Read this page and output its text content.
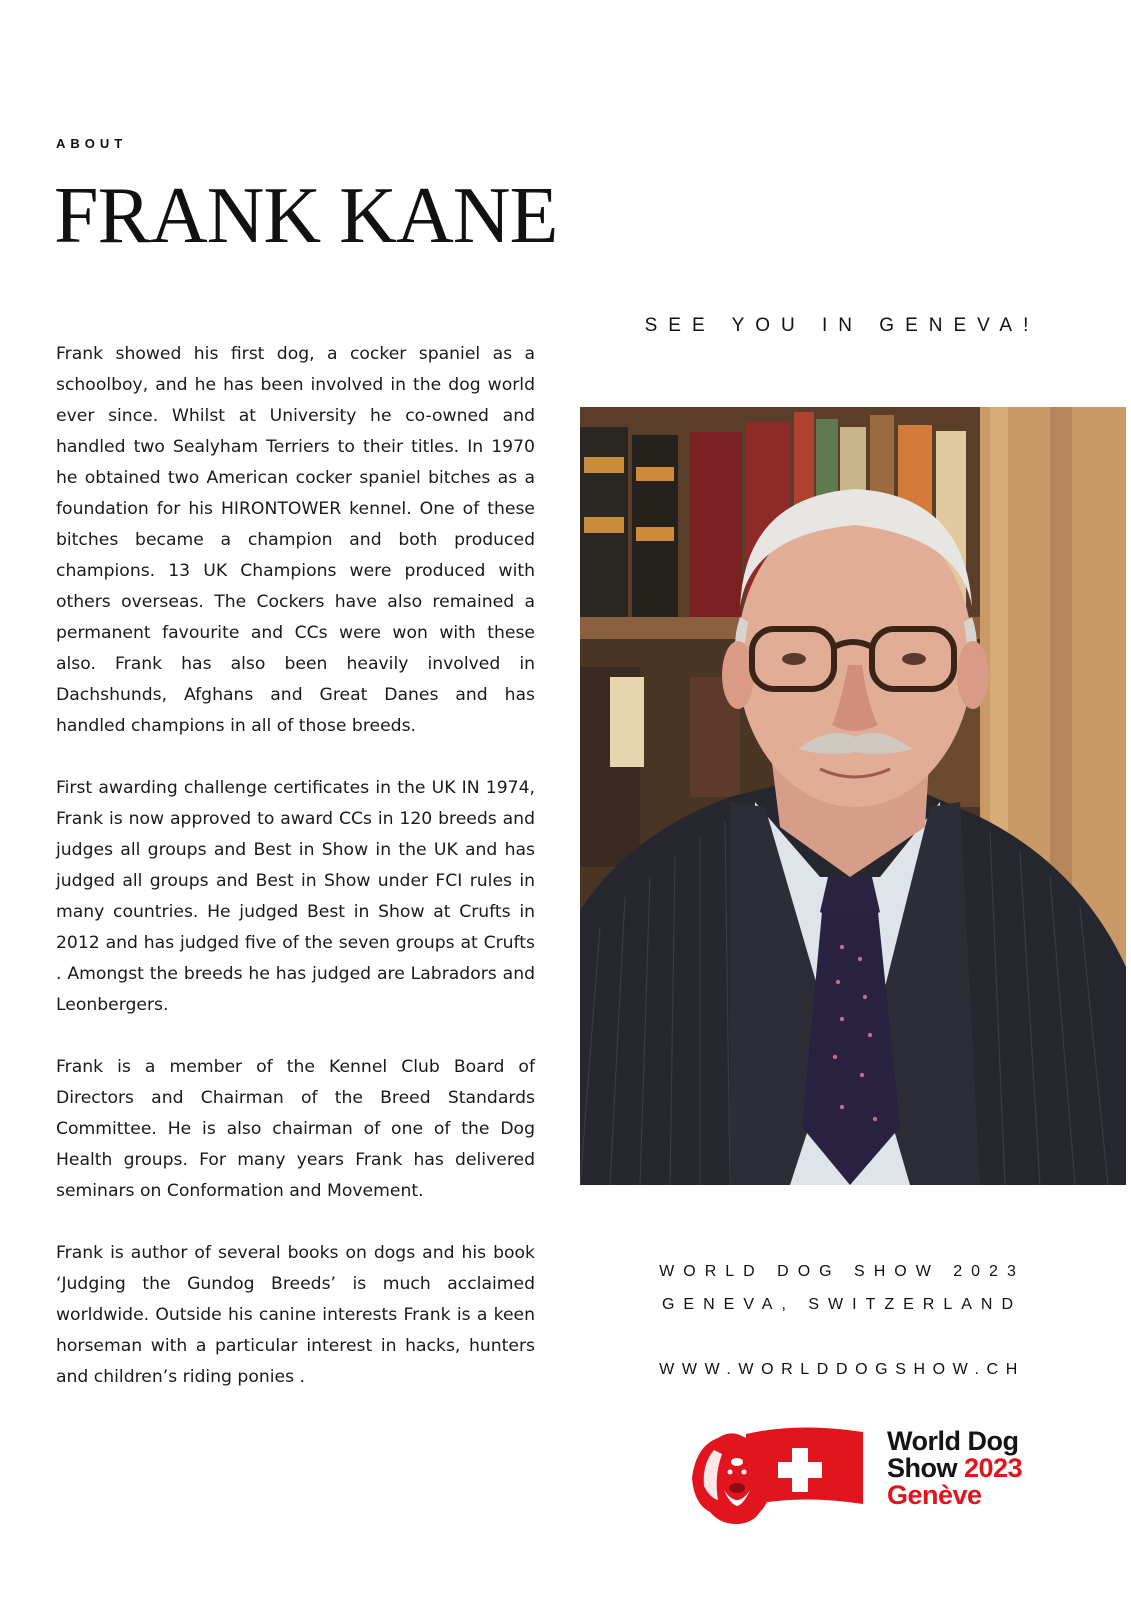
ABOUT
FRANK KANE

Frank showed his first dog, a cocker spaniel as a schoolboy, and he has been involved in the dog world ever since. Whilst at University he co-owned and handled two Sealyham Terriers to their titles. In 1970 he obtained two American cocker spaniel bitches as a foundation for his HIRONTOWER kennel. One of these bitches became a champion and both produced champions. 13 UK Champions were produced with others overseas. The Cockers have also remained a permanent favourite and CCs were won with these also. Frank has also been heavily involved in Dachshunds, Afghans and Great Danes and has handled champions in all of those breeds.

First awarding challenge certificates in the UK IN 1974, Frank is now approved to award CCs in 120 breeds and judges all groups and Best in Show in the UK and has judged all groups and Best in Show under FCI rules in many countries. He judged Best in Show at Crufts in 2012 and has judged five of the seven groups at Crufts . Amongst the breeds he has judged are Labradors and Leonbergers.

Frank is a member of the Kennel Club Board of Directors and Chairman of the Breed Standards Committee. He is also chairman of one of the Dog Health groups. For many years Frank has delivered seminars on Conformation and Movement.

Frank is author of several books on dogs and his book ‘Judging the Gundog Breeds’ is much acclaimed worldwide. Outside his canine interests Frank is a keen horseman with a particular interest in hacks, hunters and children’s riding ponies .

SEE YOU IN GENEVA!
WORLD DOG SHOW 2023
GENEVA, SWITZERLAND
WWW.WORLDDOGSHOW.CH
World Dog
Show 2023
Genève
